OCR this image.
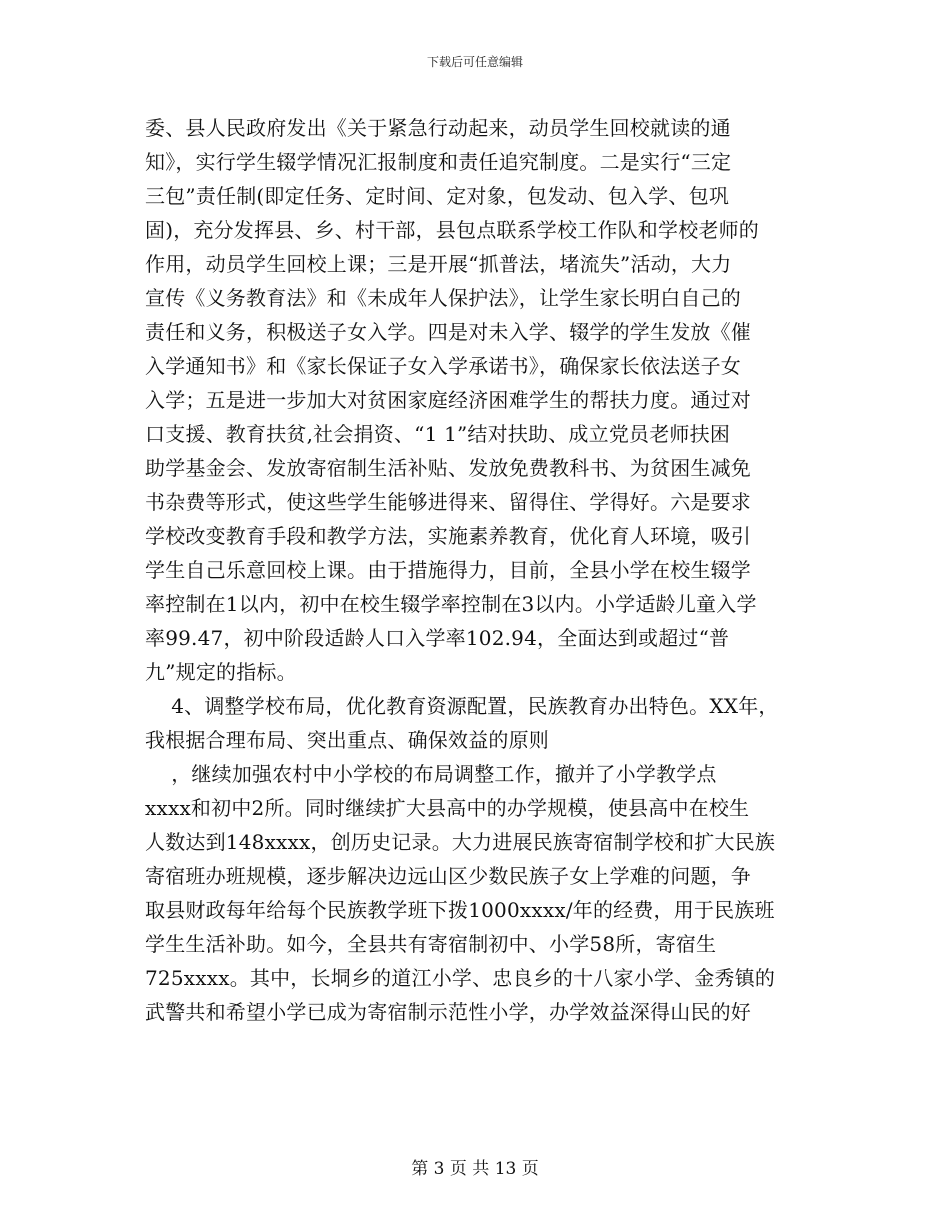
下载后可任意编辑
委、县人民政府发出《关于紧急行动起来，动员学生回校就读的通
知》，实行学生辍学情况汇报制度和责任追究制度。二是实行“三定
三包”责任制(即定任务、定时间、定对象，包发动、包入学、包巩
固)，充分发挥县、乡、村干部，县包点联系学校工作队和学校老师的
作用，动员学生回校上课；三是开展“抓普法，堵流失”活动，大力
宣传《义务教育法》和《未成年人保护法》，让学生家长明白自己的
责任和义务，积极送子女入学。四是对未入学、辍学的学生发放《催
入学通知书》和《家长保证子女入学承诺书》，确保家长依法送子女
入学；五是进一步加大对贫困家庭经济困难学生的帮扶力度。通过对
口支援、教育扶贫,社会捐资、“1 1”结对扶助、成立党员老师扶困
助学基金会、发放寄宿制生活补贴、发放免费教科书、为贫困生减免
书杂费等形式，使这些学生能够进得来、留得住、学得好。六是要求
学校改变教育手段和教学方法，实施素养教育，优化育人环境，吸引
学生自己乐意回校上课。由于措施得力，目前，全县小学在校生辍学
率控制在1以内，初中在校生辍学率控制在3以内。小学适龄儿童入学
率99.47，初中阶段适龄人口入学率102.94，全面达到或超过“普
九”规定的指标。
4、调整学校布局，优化教育资源配置，民族教育办出特色。XX年，
我根据合理布局、突出重点、确保效益的原则
，继续加强农村中小学校的布局调整工作，撤并了小学教学点
xxxx和初中2所。同时继续扩大县高中的办学规模，使县高中在校生
人数达到148xxxx，创历史记录。大力进展民族寄宿制学校和扩大民族
寄宿班办班规模，逐步解决边远山区少数民族子女上学难的问题，争
取县财政每年给每个民族教学班下拨1000xxxx/年的经费，用于民族班
学生生活补助。如今，全县共有寄宿制初中、小学58所，寄宿生
725xxxx。其中，长垌乡的道江小学、忠良乡的十八家小学、金秀镇的
武警共和希望小学已成为寄宿制示范性小学，办学效益深得山民的好
第 3 页 共 13 页
